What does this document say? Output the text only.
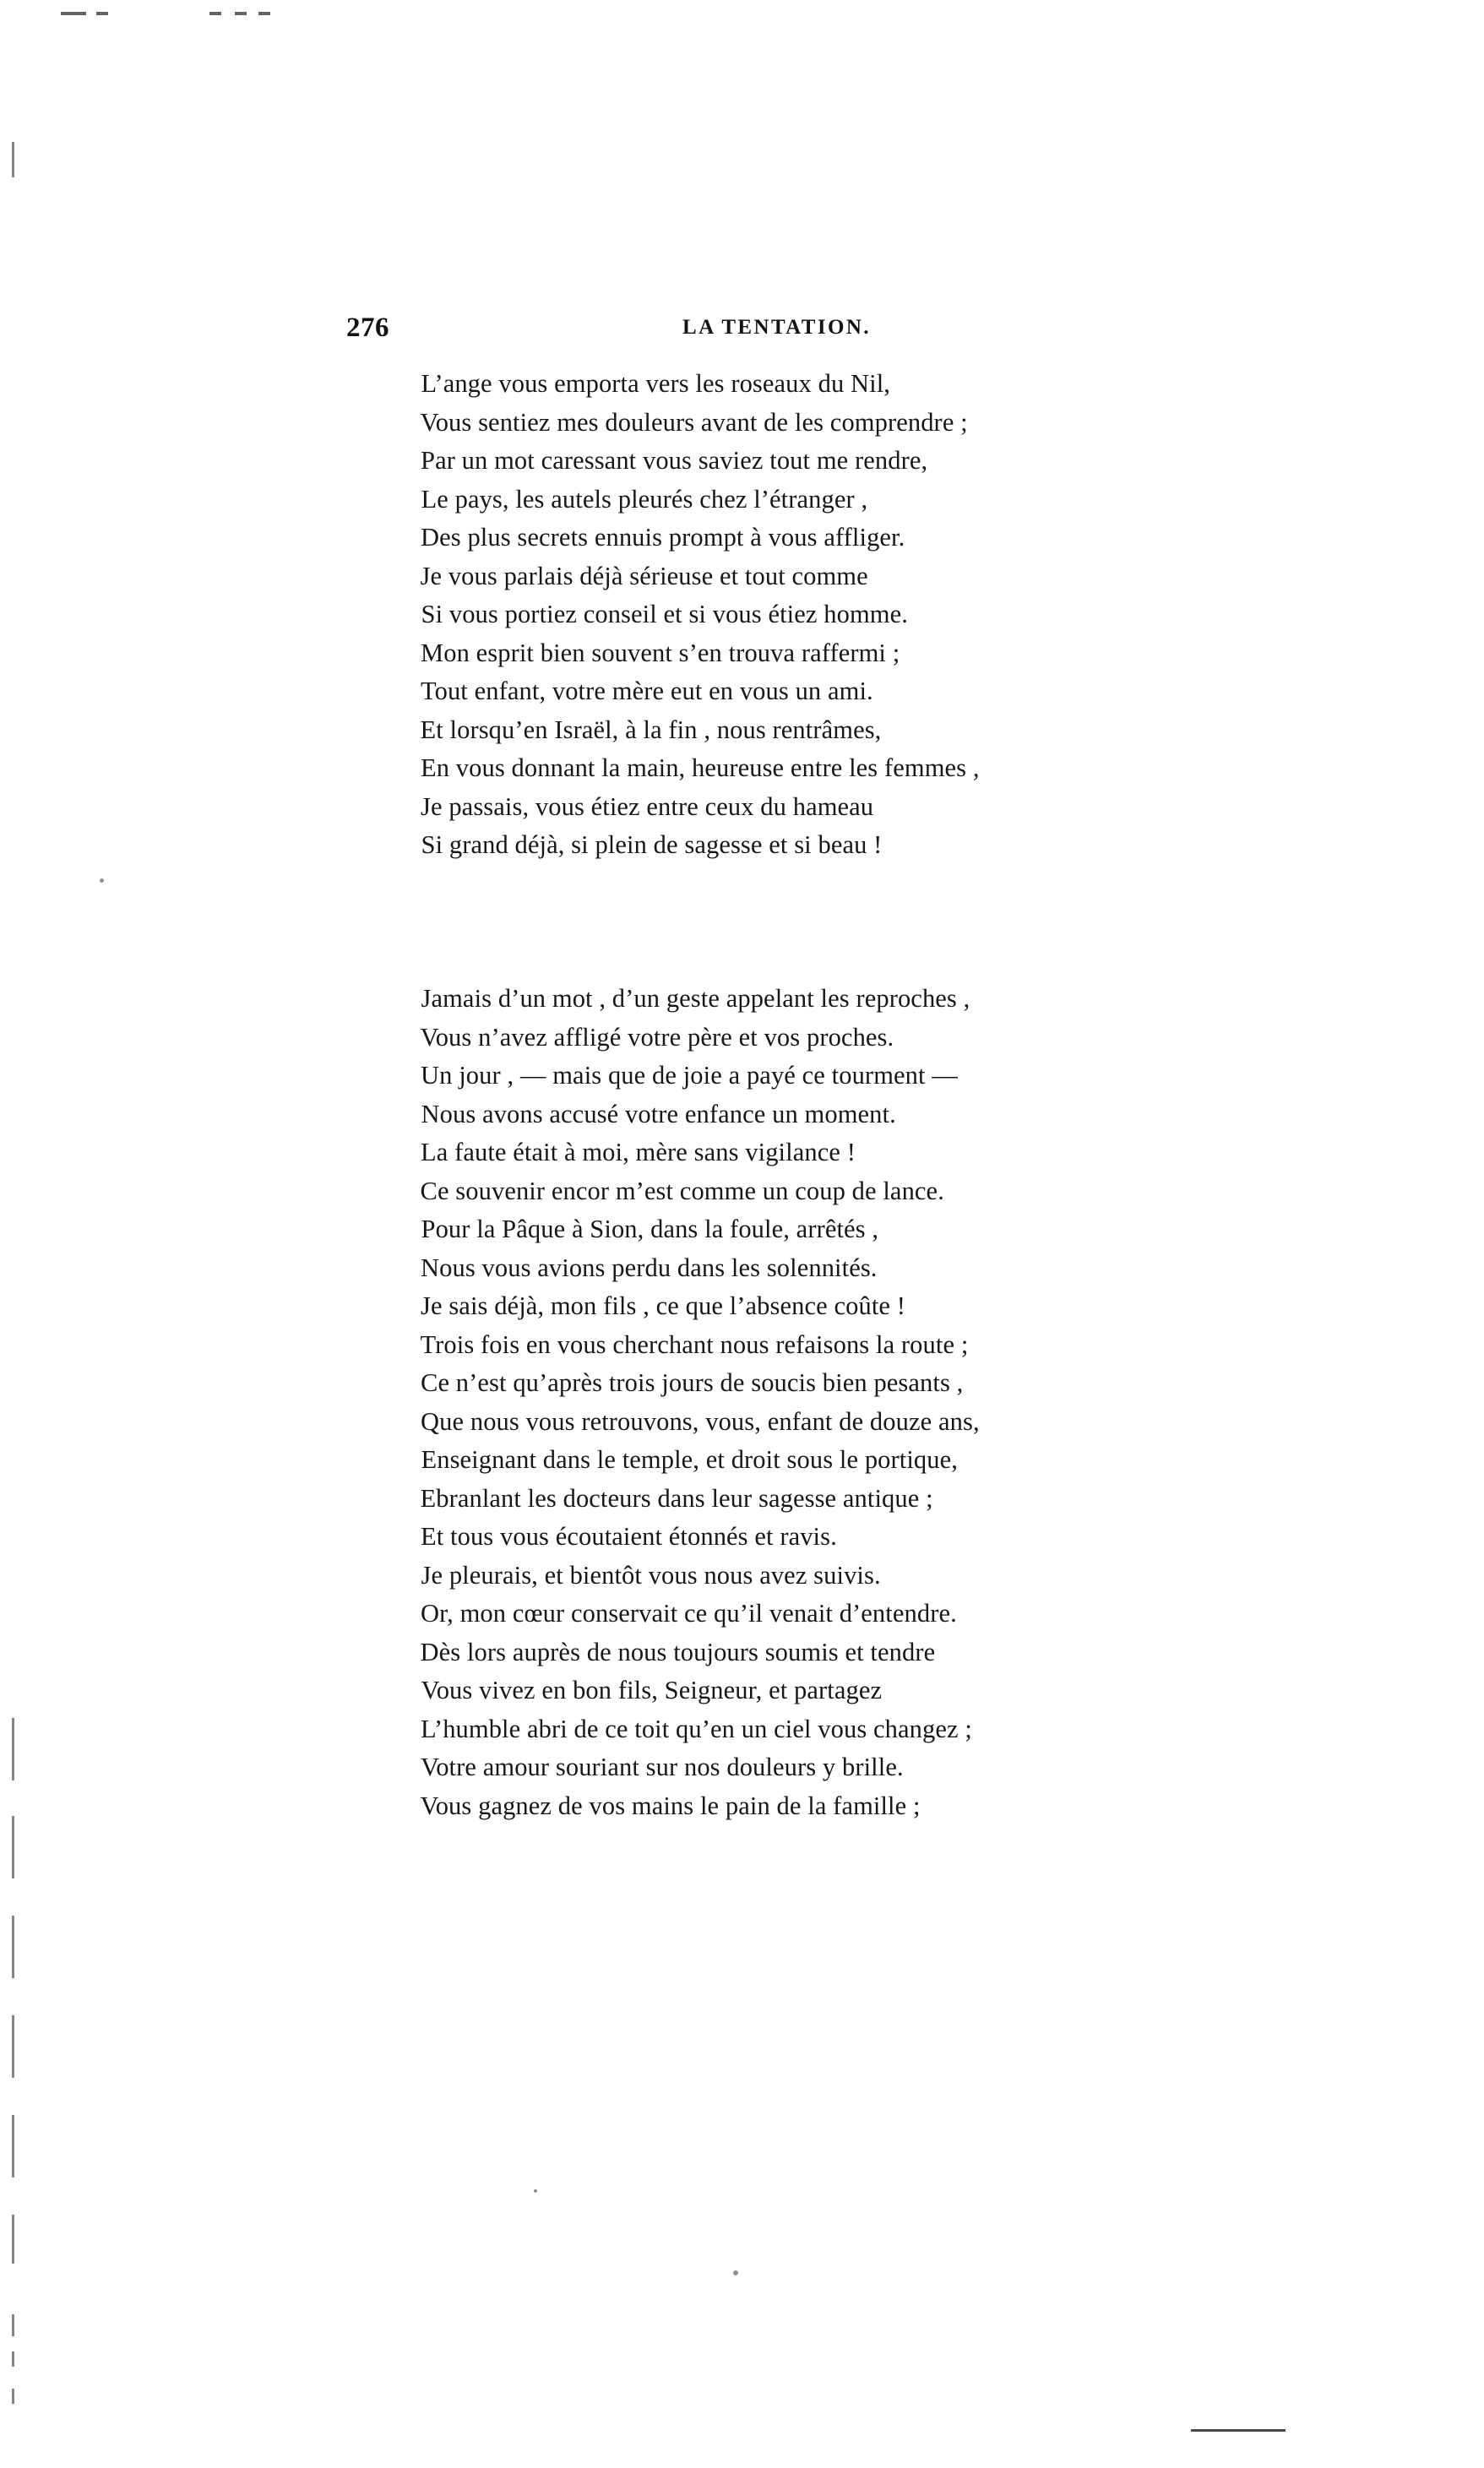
276	LA TENTATION.
L’ange vous emporta vers les roseaux du Nil,
Vous sentiez mes douleurs avant de les comprendre ;
Par un mot caressant vous saviez tout me rendre,
Le pays, les autels pleurés chez l’étranger ,
Des plus secrets ennuis prompt à vous affliger.
Je vous parlais déjà sérieuse et tout comme
Si vous portiez conseil et si vous étiez homme.
Mon esprit bien souvent s’en trouva raffermi ;
Tout enfant, votre mère eut en vous un ami.
Et lorsqu’en Israël, à la fin , nous rentrâmes,
En vous donnant la main, heureuse entre les femmes ,
Je passais, vous étiez entre ceux du hameau
Si grand déjà, si plein de sagesse et si beau !
Jamais d’un mot , d’un geste appelant les reproches ,
Vous n’avez affligé votre père et vos proches.
Un jour , — mais que de joie a payé ce tourment —
Nous avons accusé votre enfance un moment.
La faute était à moi, mère sans vigilance !
Ce souvenir encor m’est comme un coup de lance.
Pour la Pâque à Sion, dans la foule, arrêtés ,
Nous vous avions perdu dans les solennités.
Je sais déjà, mon fils , ce que l’absence coûte !
Trois fois en vous cherchant nous refaisons la route ;
Ce n’est qu’après trois jours de soucis bien pesants ,
Que nous vous retrouvons, vous, enfant de douze ans,
Enseignant dans le temple, et droit sous le portique,
Ebranlant les docteurs dans leur sagesse antique ;
Et tous vous écoutaient étonnés et ravis.
Je pleurais, et bientôt vous nous avez suivis.
Or, mon cœur conservait ce qu’il venait d’entendre.
Dès lors auprès de nous toujours soumis et tendre
Vous vivez en bon fils, Seigneur, et partagez
L’humble abri de ce toit qu’en un ciel vous changez ;
Votre amour souriant sur nos douleurs y brille.
Vous gagnez de vos mains le pain de la famille ;
